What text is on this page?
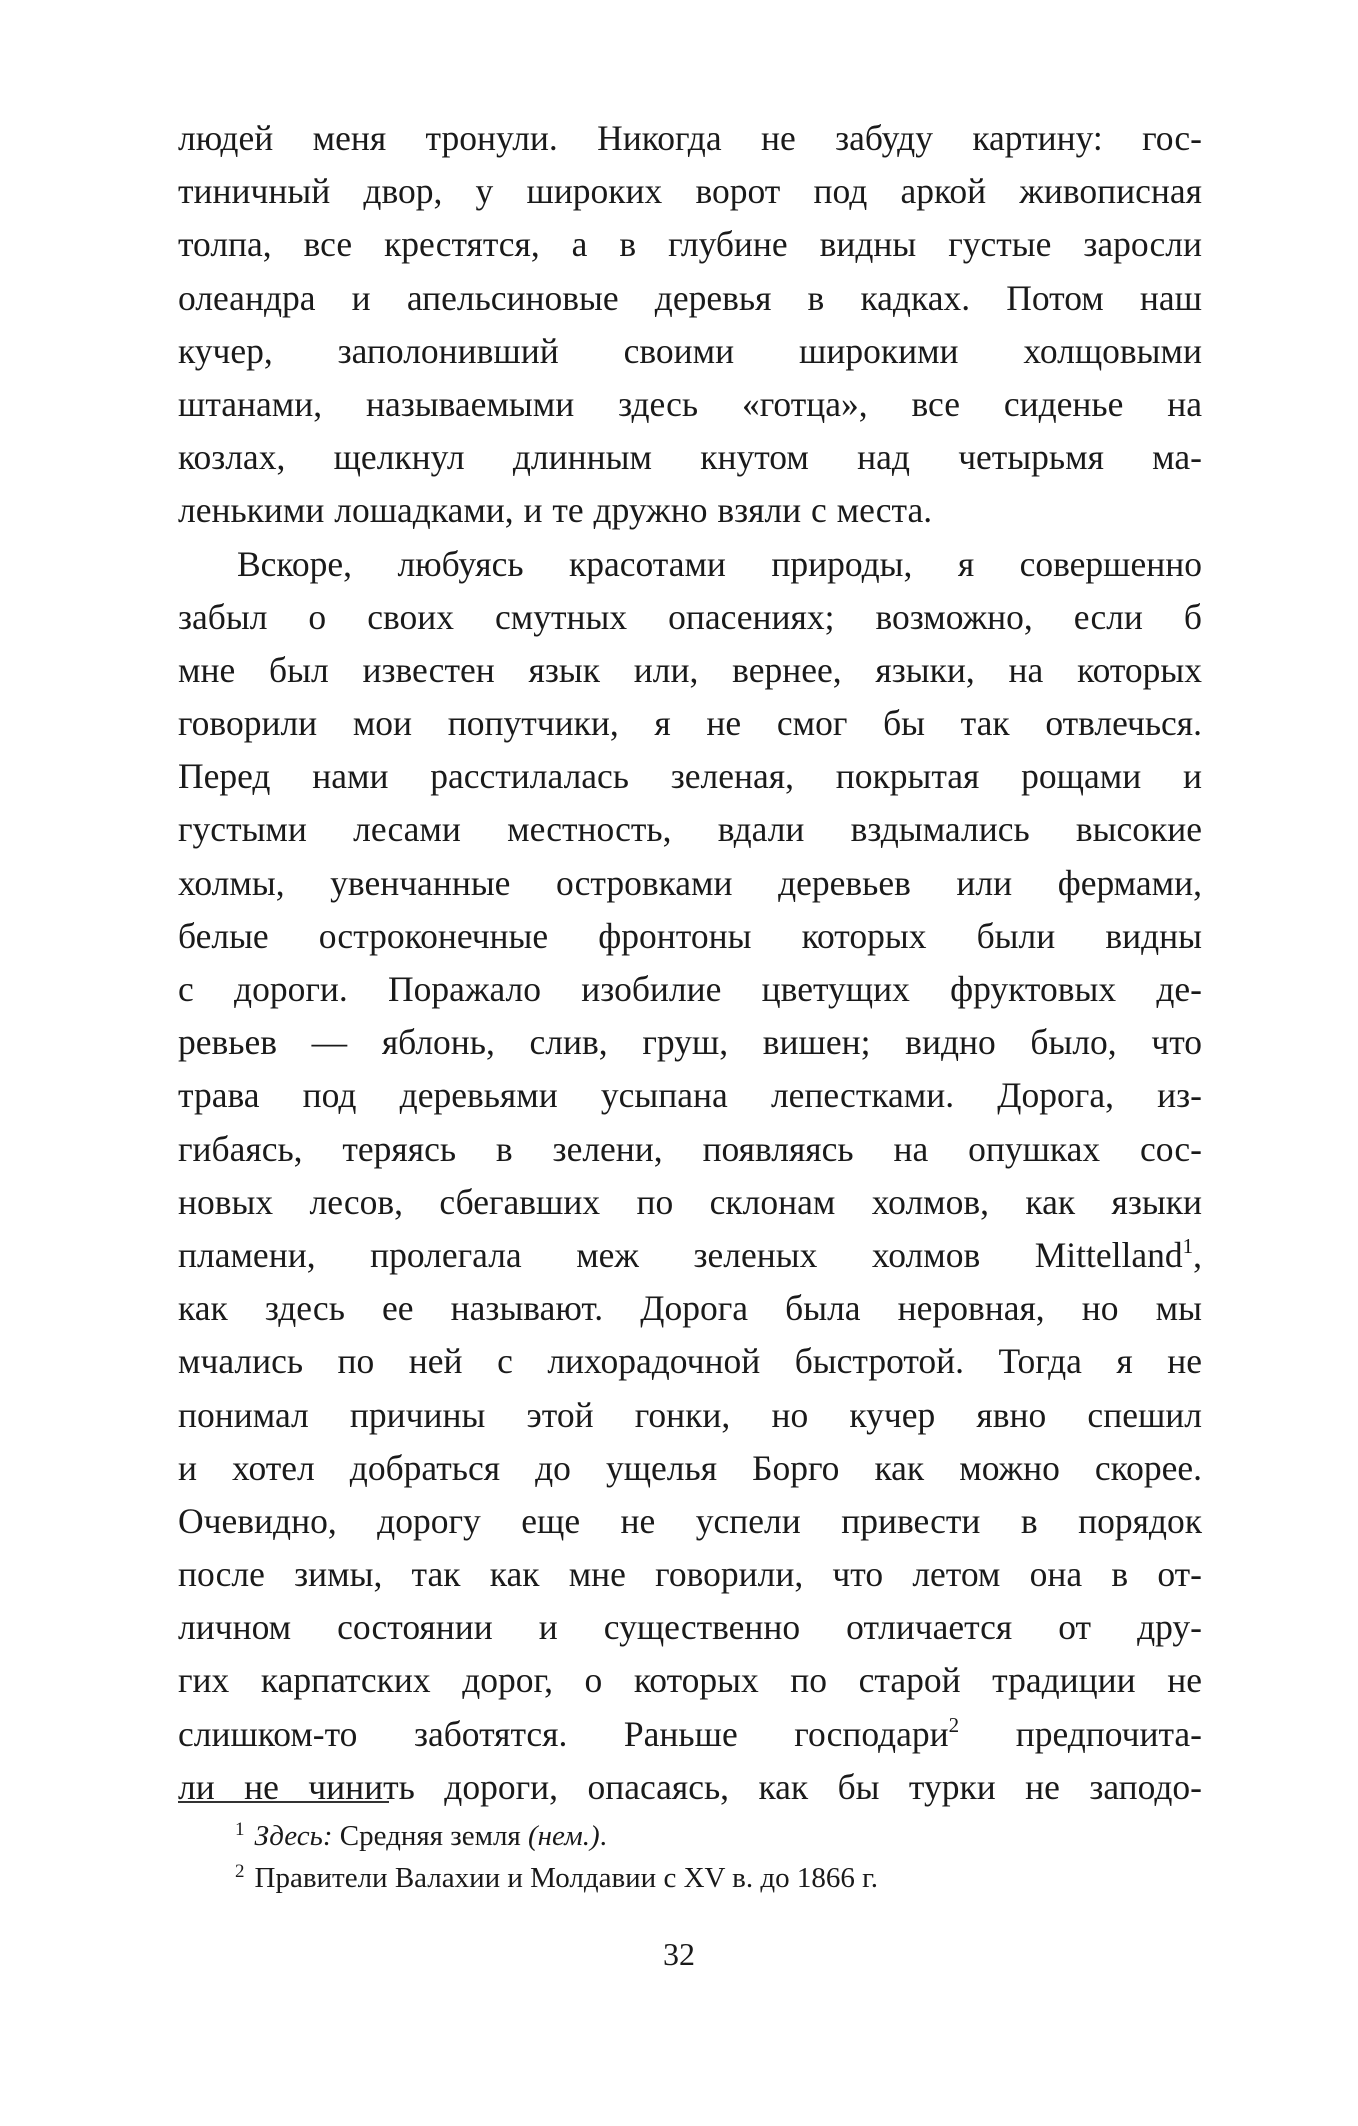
людей меня тронули. Никогда не забуду картину: гос-
тиничный двор, у широких ворот под аркой живописная
толпа, все крестятся, а в глубине видны густые заросли
олеандра и апельсиновые деревья в кадках. Потом наш
кучер, заполонивший своими широкими холщовыми
штанами, называемыми здесь «готца», все сиденье на
козлах, щелкнул длинным кнутом над четырьмя ма-
ленькими лошадками, и те дружно взяли с места.
Вскоре, любуясь красотами природы, я совершенно
забыл о своих смутных опасениях; возможно, если б
мне был известен язык или, вернее, языки, на которых
говорили мои попутчики, я не смог бы так отвлечься.
Перед нами расстилалась зеленая, покрытая рощами и
густыми лесами местность, вдали вздымались высокие
холмы, увенчанные островками деревьев или фермами,
белые остроконечные фронтоны которых были видны
с дороги. Поражало изобилие цветущих фруктовых де-
ревьев — яблонь, слив, груш, вишен; видно было, что
трава под деревьями усыпана лепестками. Дорога, из-
гибаясь, теряясь в зелени, появляясь на опушках сос-
новых лесов, сбегавших по склонам холмов, как языки
пламени, пролегала меж зеленых холмов Mittelland$^1$,
как здесь ее называют. Дорога была неровная, но мы
мчались по ней с лихорадочной быстротой. Тогда я не
понимал причины этой гонки, но кучер явно спешил
и хотел добраться до ущелья Борго как можно скорее.
Очевидно, дорогу еще не успели привести в порядок
после зимы, так как мне говорили, что летом она в от-
личном состоянии и существенно отличается от дру-
гих карпатских дорог, о которых по старой традиции не
слишком-то заботятся. Раньше господари$^2$ предпочита-
ли не чинить дороги, опасаясь, как бы турки не заподо-
$^1$ Здесь: Средняя земля (нем.).
$^2$ Правители Валахии и Молдавии с XV в. до 1866 г.
32
